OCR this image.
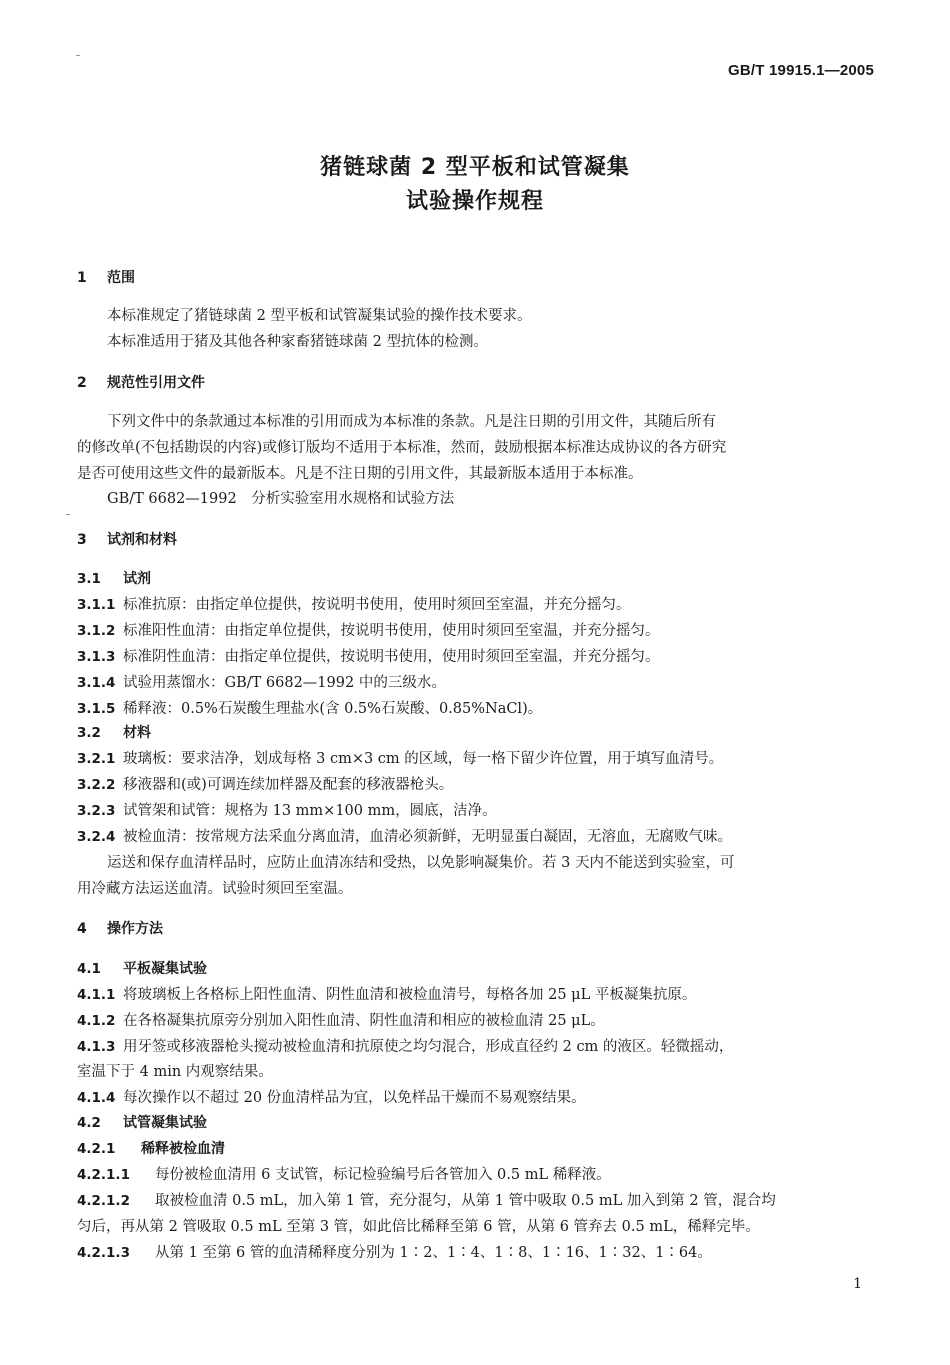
GB/T 19915.1—2005
猪链球菌 2 型平板和试管凝集
试验操作规程
1 范围
本标准规定了猪链球菌 2 型平板和试管凝集试验的操作技术要求。
本标准适用于猪及其他各种家畜猪链球菌 2 型抗体的检测。
2 规范性引用文件
下列文件中的条款通过本标准的引用而成为本标准的条款。凡是注日期的引用文件，其随后所有
的修改单(不包括勘误的内容)或修订版均不适用于本标准，然而，鼓励根据本标准达成协议的各方研究
是否可使用这些文件的最新版本。凡是不注日期的引用文件，其最新版本适用于本标准。
GB/T 6682—1992　分析实验室用水规格和试验方法
3 试剂和材料
3.1 试剂
3.1.1 标准抗原：由指定单位提供，按说明书使用，使用时须回至室温，并充分摇匀。
3.1.2 标准阳性血清：由指定单位提供，按说明书使用，使用时须回至室温，并充分摇匀。
3.1.3 标准阴性血清：由指定单位提供，按说明书使用，使用时须回至室温，并充分摇匀。
3.1.4 试验用蒸馏水：GB/T 6682—1992 中的三级水。
3.1.5 稀释液：0.5%石炭酸生理盐水(含 0.5%石炭酸、0.85%NaCl)。
3.2 材料
3.2.1 玻璃板：要求洁净，划成每格 3 cm×3 cm 的区域，每一格下留少许位置，用于填写血清号。
3.2.2 移液器和(或)可调连续加样器及配套的移液器枪头。
3.2.3 试管架和试管：规格为 13 mm×100 mm，圆底，洁净。
3.2.4 被检血清：按常规方法采血分离血清，血清必须新鲜，无明显蛋白凝固，无溶血，无腐败气味。
运送和保存血清样品时，应防止血清冻结和受热，以免影响凝集价。若 3 天内不能送到实验室，可
用冷藏方法运送血清。试验时须回至室温。
4 操作方法
4.1 平板凝集试验
4.1.1 将玻璃板上各格标上阳性血清、阴性血清和被检血清号，每格各加 25 μL 平板凝集抗原。
4.1.2 在各格凝集抗原旁分别加入阳性血清、阴性血清和相应的被检血清 25 μL。
4.1.3 用牙签或移液器枪头搅动被检血清和抗原使之均匀混合，形成直径约 2 cm 的液区。轻微摇动，
室温下于 4 min 内观察结果。
4.1.4 每次操作以不超过 20 份血清样品为宜，以免样品干燥而不易观察结果。
4.2 试管凝集试验
4.2.1 稀释被检血清
4.2.1.1 每份被检血清用 6 支试管，标记检验编号后各管加入 0.5 mL 稀释液。
4.2.1.2 取被检血清 0.5 mL，加入第 1 管，充分混匀，从第 1 管中吸取 0.5 mL 加入到第 2 管，混合均
匀后，再从第 2 管吸取 0.5 mL 至第 3 管，如此倍比稀释至第 6 管，从第 6 管弃去 0.5 mL，稀释完毕。
4.2.1.3 从第 1 至第 6 管的血清稀释度分别为 1∶2、1∶4、1∶8、1∶16、1∶32、1∶64。
1
